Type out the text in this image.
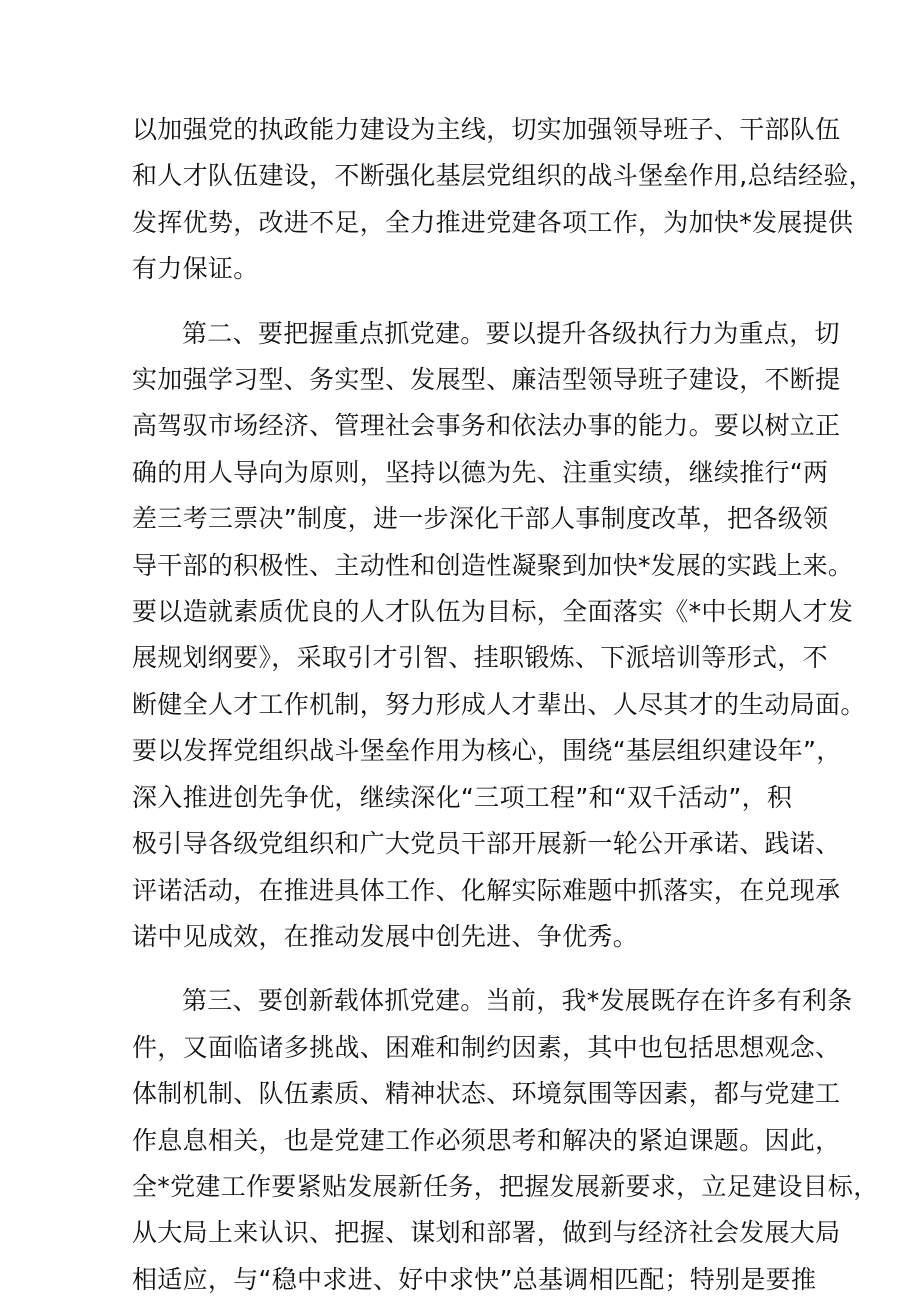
以加强党的执政能力建设为主线，切实加强领导班子、干部队伍
和人才队伍建设，不断强化基层党组织的战斗堡垒作用,总结经验，
发挥优势，改进不足，全力推进党建各项工作，为加快*发展提供
有力保证。

第二、要把握重点抓党建。要以提升各级执行力为重点，切
实加强学习型、务实型、发展型、廉洁型领导班子建设，不断提
高驾驭市场经济、管理社会事务和依法办事的能力。要以树立正
确的用人导向为原则，坚持以德为先、注重实绩，继续推行“两
差三考三票决”制度，进一步深化干部人事制度改革，把各级领
导干部的积极性、主动性和创造性凝聚到加快*发展的实践上来。
要以造就素质优良的人才队伍为目标，全面落实《*中长期人才发
展规划纲要》，采取引才引智、挂职锻炼、下派培训等形式，不
断健全人才工作机制，努力形成人才辈出、人尽其才的生动局面。
要以发挥党组织战斗堡垒作用为核心，围绕“基层组织建设年”，
深入推进创先争优，继续深化“三项工程”和“双千活动”，积
极引导各级党组织和广大党员干部开展新一轮公开承诺、践诺、
评诺活动，在推进具体工作、化解实际难题中抓落实，在兑现承
诺中见成效，在推动发展中创先进、争优秀。

第三、要创新载体抓党建。当前，我*发展既存在许多有利条
件，又面临诸多挑战、困难和制约因素，其中也包括思想观念、
体制机制、队伍素质、精神状态、环境氛围等因素，都与党建工
作息息相关，也是党建工作必须思考和解决的紧迫课题。因此，
全*党建工作要紧贴发展新任务，把握发展新要求，立足建设目标，
从大局上来认识、把握、谋划和部署，做到与经济社会发展大局
相适应，与“稳中求进、好中求快”总基调相匹配；特别是要推
